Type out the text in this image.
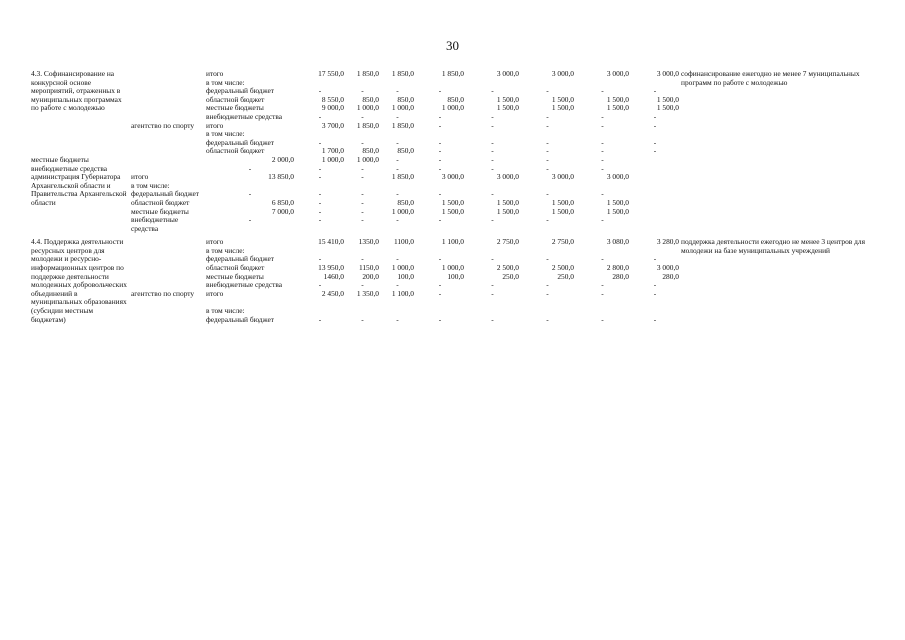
30
4.3. Софинансирование на конкурсной основе мероприятий, отраженных в муниципальных программах по работе с молодежью		итого	17 550,0	1 850,0	1 850,0	1 850,0	3 000,0	3 000,0	3 000,0	3 000,0	софинансирование ежегодно не менее 7 муниципальных программ по работе с молодежью
		в том числе:									
		федеральный бюджет	-	-	-	-	-	-	-	-	
		областной бюджет	8 550,0	850,0	850,0	850,0	1 500,0	1 500,0	1 500,0	1 500,0	
		местные бюджеты	9 000,0	1 000,0	1 000,0	1 000,0	1 500,0	1 500,0	1 500,0	1 500,0	
		внебюджетные средства	-	-	-	-	-	-	-	-	
	агентство по спорту	итого	3 700,0	1 850,0	1 850,0	-	-	-	-	-	
		в том числе:									
		федеральный бюджет	-	-	-	-	-	-	-	-	
		областной бюджет	1 700,0	850,0	850,0	-	-	-	-	-	
местные бюджеты		2 000,0	1 000,0	1 000,0	-	-	-	-	-		
внебюджетные средства		-	-	-	-	-	-	-	-		
администрация Губернатора Архангельской области и Правительства Архангельской области	итого	13 850,0	-	-	1 850,0	3 000,0	3 000,0	3 000,0	3 000,0		
	в том числе:										
	федеральный бюджет	-	-	-	-	-	-	-	-		
	областной бюджет	6 850,0	-	-	850,0	1 500,0	1 500,0	1 500,0	1 500,0		
	местные бюджеты	7 000,0	-	-	1 000,0	1 500,0	1 500,0	1 500,0	1 500,0		
	внебюджетные средства	-	-	-	-	-	-	-	-		

4.4. Поддержка деятельности ресурсных центров для молодежи и ресурсно-информационных центров по поддержке деятельности молодежных добровольческих объединений в муниципальных образованиях (субсидии местным бюджетам)		итого	15 410,0	1350,0	1100,0	1 100,0	2 750,0	2 750,0	3 080,0	3 280,0	поддержка деятельности ежегодно не менее 3 центров для молодежи на базе муниципальных учреждений
		в том числе:									
		федеральный бюджет	-	-	-	-	-	-	-	-	
		областной бюджет	13 950,0	1150,0	1 000,0	1 000,0	2 500,0	2 500,0	2 800,0	3 000,0	
		местные бюджеты	1460,0	200,0	100,0	100,0	250,0	250,0	280,0	280,0	
		внебюджетные средства	-	-	-	-	-	-	-	-	
	агентство по спорту	итого	2 450,0	1 350,0	1 100,0	-	-	-	-	-	
		в том числе:									
		федеральный бюджет	-	-	-	-	-	-	-	-	
